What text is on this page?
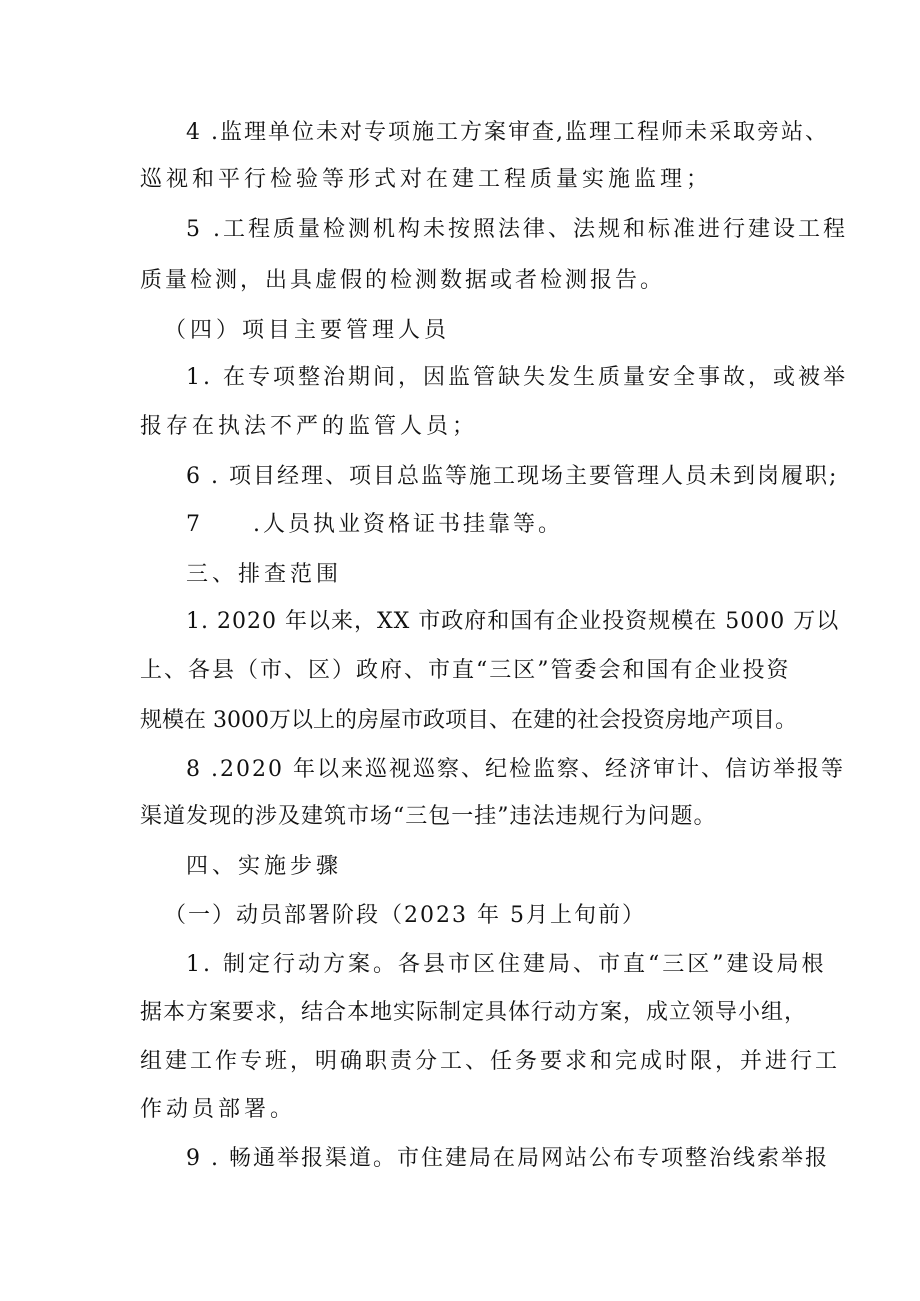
4 .监理单位未对专项施工方案审查,监理工程师未采取旁站、
巡视和平行检验等形式对在建工程质量实施监理；
5 .工程质量检测机构未按照法律、法规和标准进行建设工程
质量检测，出具虚假的检测数据或者检测报告。
（四）项目主要管理人员
1. 在专项整治期间，因监管缺失发生质量安全事故，或被举
报存在执法不严的监管人员；
6 . 项目经理、项目总监等施工现场主要管理人员未到岗履职;
7　　.人员执业资格证书挂靠等。
三、排查范围
1. 2020 年以来，XX 市政府和国有企业投资规模在 5000 万以
上、各县（市、区）政府、市直“三区”管委会和国有企业投资
规模在 3000万以上的房屋市政项目、在建的社会投资房地产项目。
8 .2020 年以来巡视巡察、纪检监察、经济审计、信访举报等
渠道发现的涉及建筑市场“三包一挂”违法违规行为问题。
四、实施步骤
（一）动员部署阶段（2023 年 5月上旬前）
1. 制定行动方案。各县市区住建局、市直“三区”建设局根
据本方案要求，结合本地实际制定具体行动方案，成立领导小组，
组建工作专班，明确职责分工、任务要求和完成时限，并进行工
作动员部署。
9 . 畅通举报渠道。市住建局在局网站公布专项整治线索举报
